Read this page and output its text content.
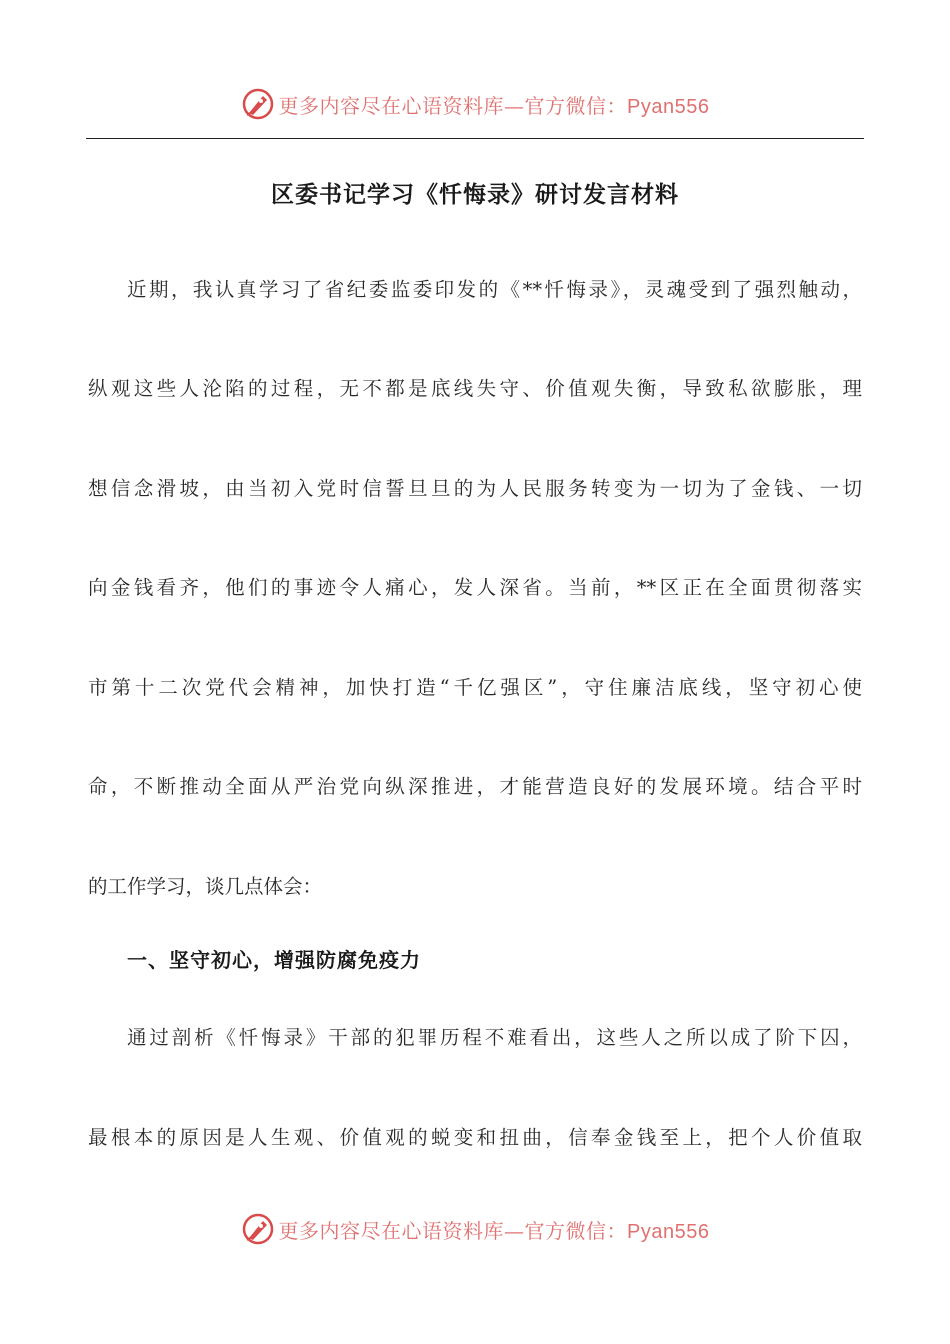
更多内容尽在心语资料库—官方微信：Pyan556
区委书记学习《忏悔录》研讨发言材料
近期，我认真学习了省纪委监委印发的《**忏悔录》，灵魂受到了强烈触动，
纵观这些人沦陷的过程，无不都是底线失守、价值观失衡，导致私欲膨胀，理
想信念滑坡，由当初入党时信誓旦旦的为人民服务转变为一切为了金钱、一切
向金钱看齐，他们的事迹令人痛心，发人深省。当前，**区正在全面贯彻落实
市第十二次党代会精神，加快打造“千亿强区”，守住廉洁底线，坚守初心使
命，不断推动全面从严治党向纵深推进，才能营造良好的发展环境。结合平时
的工作学习，谈几点体会：
一、坚守初心，增强防腐免疫力
通过剖析《忏悔录》干部的犯罪历程不难看出，这些人之所以成了阶下囚，
最根本的原因是人生观、价值观的蜕变和扭曲，信奉金钱至上，把个人价值取
更多内容尽在心语资料库—官方微信：Pyan556
